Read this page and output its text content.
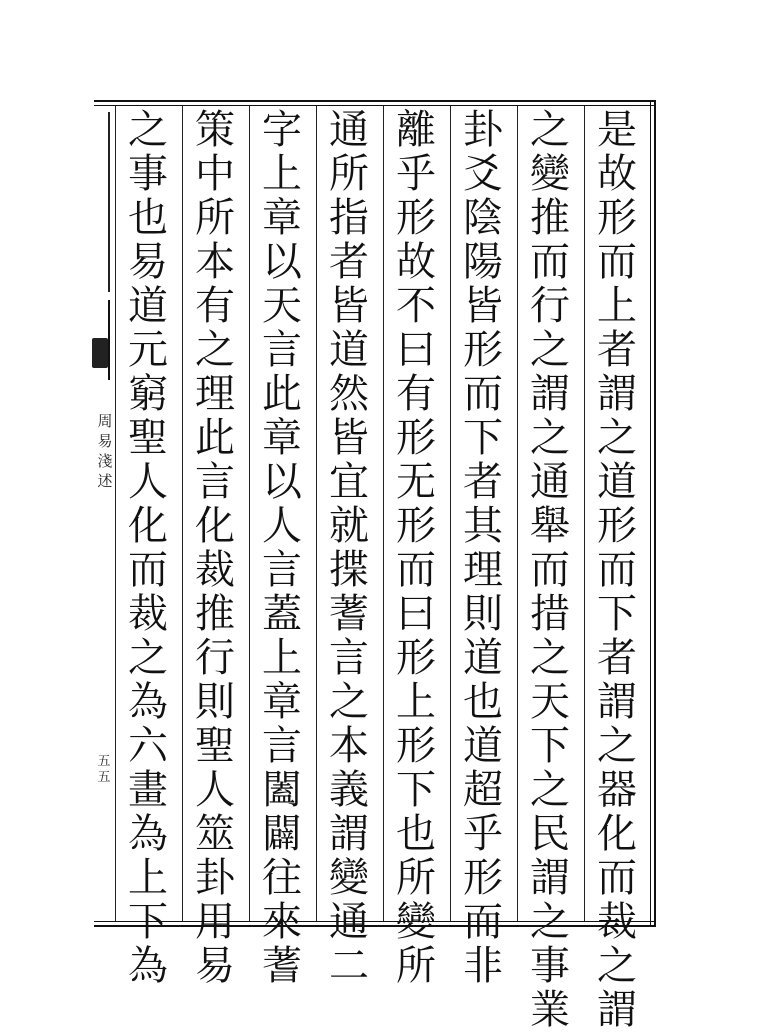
是
故
形
而
上
者
謂
之
道
形
而
下
者
謂
之
器
化
而
裁
之
謂
之
變
推
而
行
之
謂
之
通
舉
而
措
之
天
下
之
民
謂
之
事
業
卦
爻
陰
陽
皆
形
而
下
者
其
理
則
道
也
道
超
乎
形
而
非
離
乎
形
故
不
曰
有
形
无
形
而
曰
形
上
形
下
也
所
變
所
通
所
指
者
皆
道
然
皆
宜
就
揲
蓍
言
之
本
義
謂
變
通
二
字
上
章
以
天
言
此
章
以
人
言
蓋
上
章
言
闔
闢
往
來
蓍
策
中
所
本
有
之
理
此
言
化
裁
推
行
則
聖
人
筮
卦
用
易
之
事
也
易
道
元
窮
聖
人
化
而
裁
之
為
六
畫
為
上
下
為
周
易
淺
述
五
五
